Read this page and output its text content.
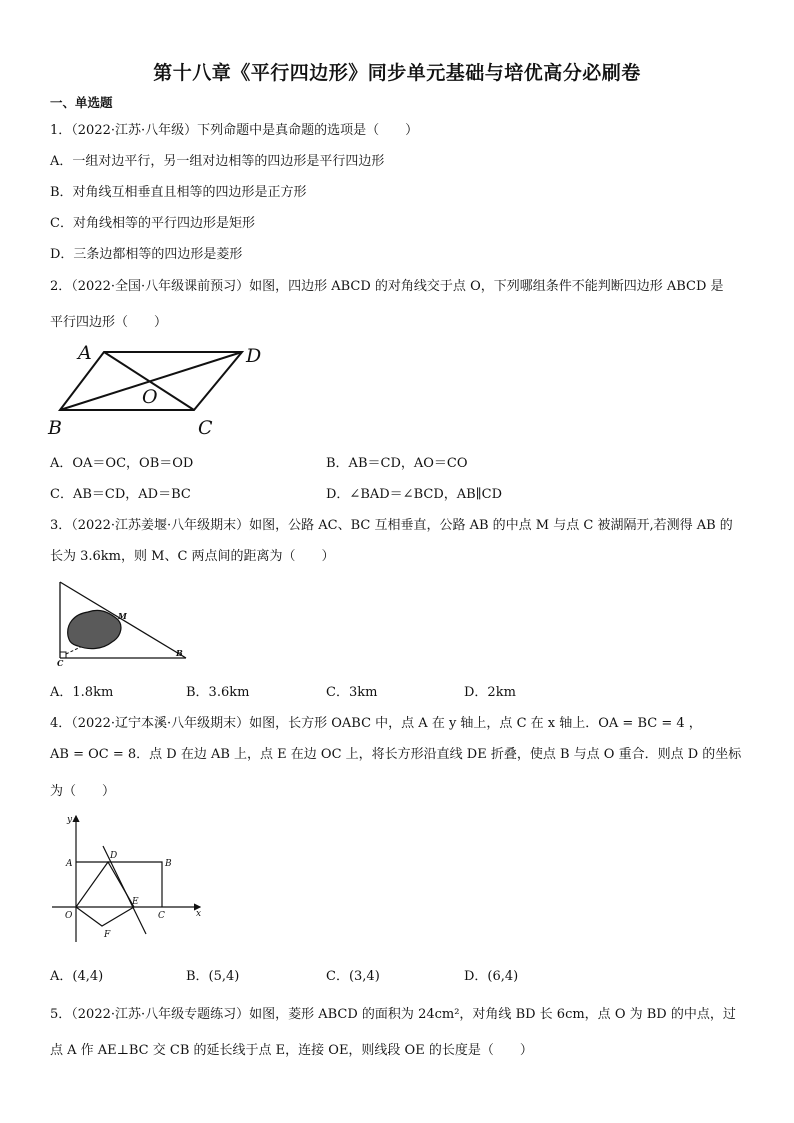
第十八章《平行四边形》同步单元基础与培优高分必刷卷
一、单选题
1．（2022·江苏·八年级）下列命题中是真命题的选项是（　　）
A．一组对边平行，另一组对边相等的四边形是平行四边形
B．对角线互相垂直且相等的四边形是正方形
C．对角线相等的平行四边形是矩形
D．三条边都相等的四边形是菱形
2．（2022·全国·八年级课前预习）如图，四边形 ABCD 的对角线交于点 O，下列哪组条件不能判断四边形 ABCD 是
平行四边形（　　）
A	D
O
B	C
A．OA＝OC，OB＝OD	B．AB＝CD，AO＝CO
C．AB＝CD，AD＝BC	D．∠BAD＝∠BCD，AB∥CD
3．（2022·江苏姜堰·八年级期末）如图，公路 AC、BC 互相垂直，公路 AB 的中点 M 与点 C 被湖隔开,若测得 AB 的
长为 3.6km，则 M、C 两点间的距离为（　　）
M
C
B
A．1.8km	B．3.6km	C．3km	D．2km
4．（2022·辽宁本溪·八年级期末）如图，长方形 OABC 中，点 A 在 y 轴上，点 C 在 x 轴上．OA = BC = 4 ，
AB = OC = 8．点 D 在边 AB 上，点 E 在边 OC 上，将长方形沿直线 DE 折叠，使点 B 与点 O 重合．则点 D 的坐标
为（　　）
y
A
D
B
E
O	C	x
F
A．(4,4)	B．(5,4)	C．(3,4)	D．(6,4)
5．（2022·江苏·八年级专题练习）如图，菱形 ABCD 的面积为 24cm²，对角线 BD 长 6cm，点 O 为 BD 的中点，过
点 A 作 AE⊥BC 交 CB 的延长线于点 E，连接 OE，则线段 OE 的长度是（　　）
